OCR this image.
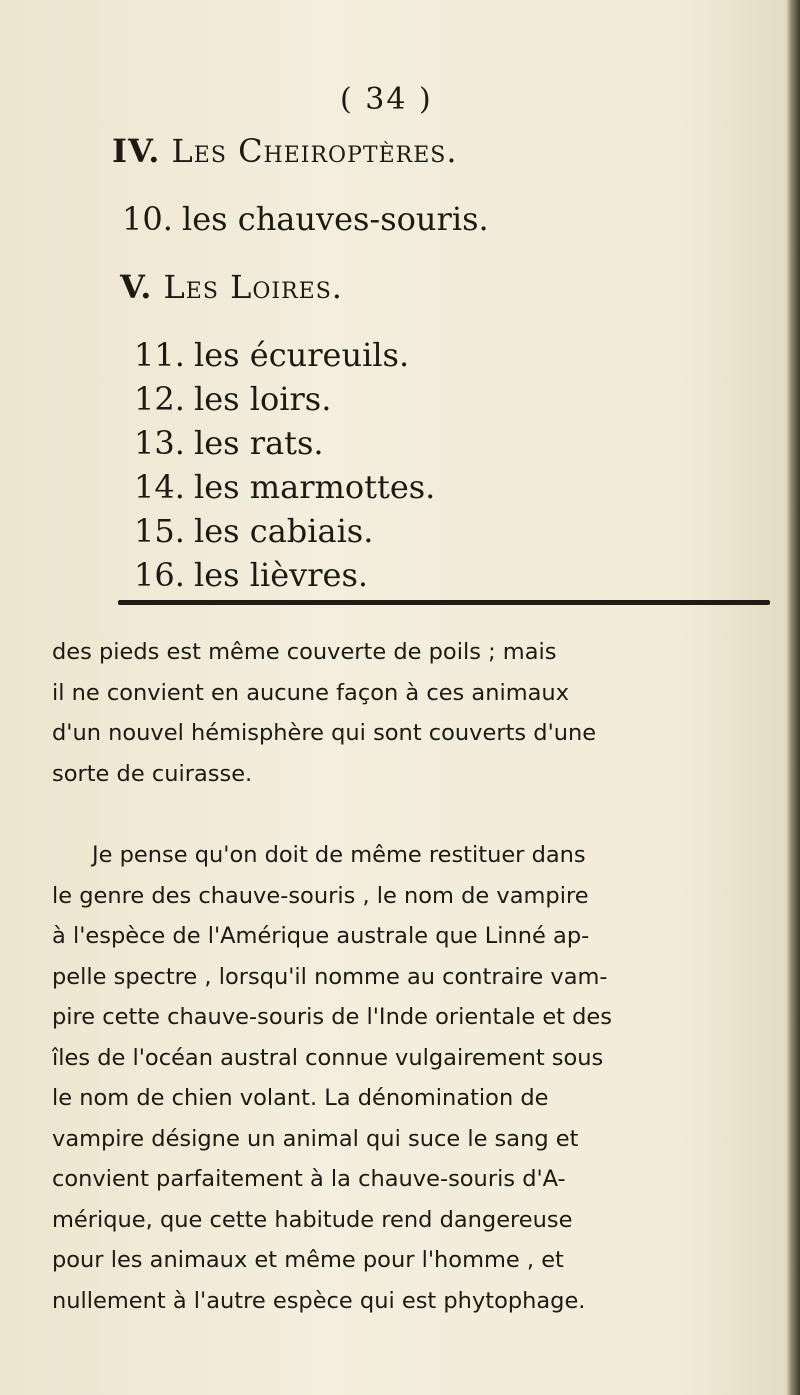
( 34 )
IV. Les Cheiroptères.
10. les chauves-souris.
V. Les Loires.
11. les écureuils.
12. les loirs.
13. les rats.
14. les marmottes.
15. les cabiais.
16. les lièvres.
des pieds est même couverte de poils ; mais
il ne convient en aucune façon à ces animaux
d'un nouvel hémisphère qui sont couverts d'une
sorte de cuirasse.
Je pense qu'on doit de même restituer dans
le genre des chauve-souris , le nom de vampire
à l'espèce de l'Amérique australe que Linné ap-
pelle spectre , lorsqu'il nomme au contraire vam-
pire cette chauve-souris de l'Inde orientale et des
îles de l'océan austral connue vulgairement sous
le nom de chien volant. La dénomination de
vampire désigne un animal qui suce le sang et
convient parfaitement à la chauve-souris d'A-
mérique, que cette habitude rend dangereuse
pour les animaux et même pour l'homme , et
nullement à l'autre espèce qui est phytophage.
